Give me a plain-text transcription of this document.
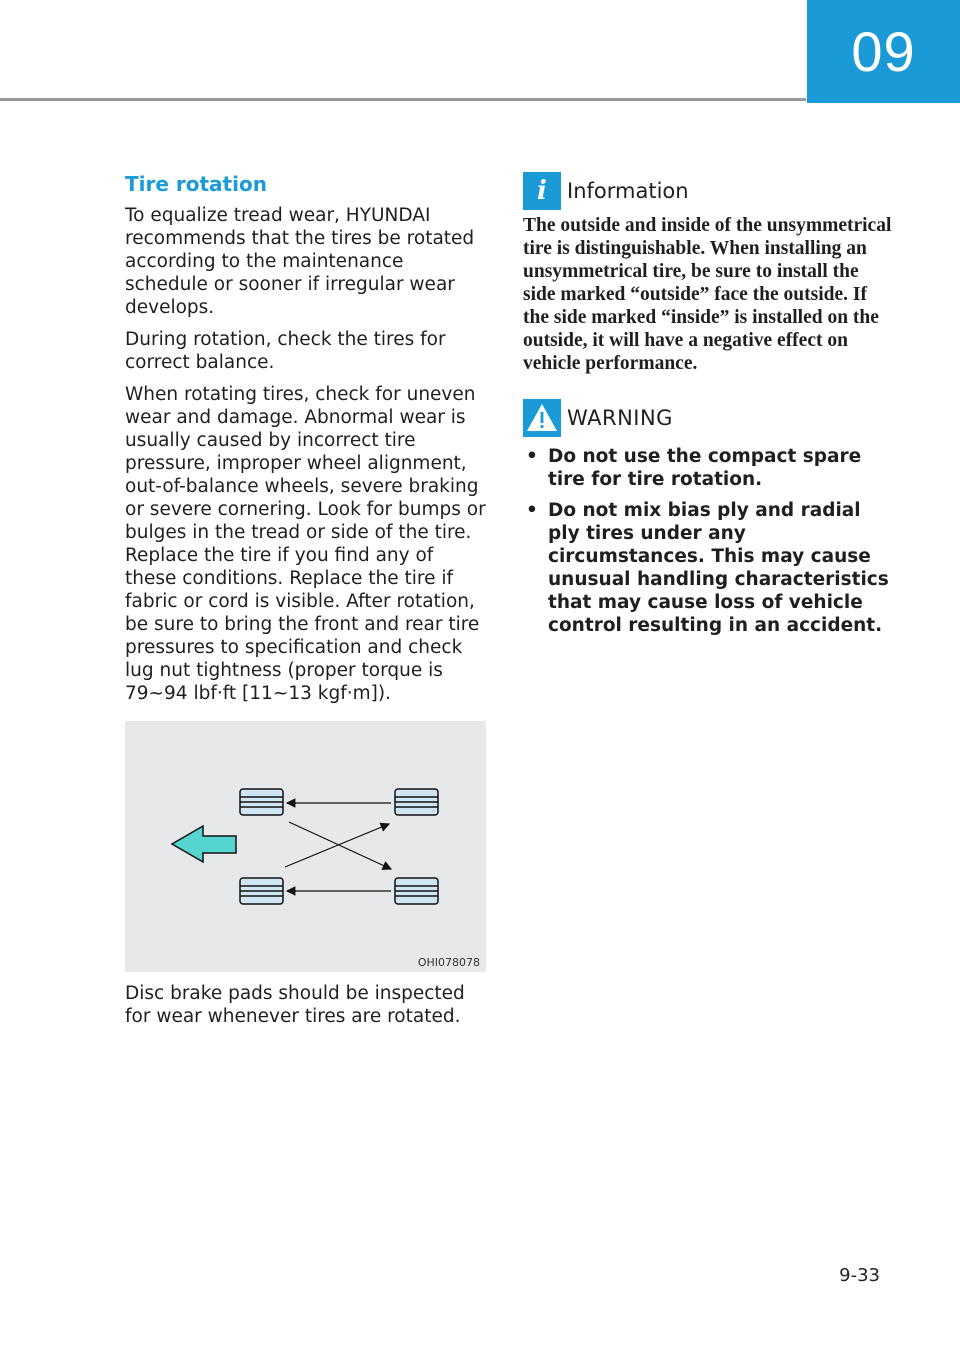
09
Tire rotation

To equalize tread wear, HYUNDAI recommends that the tires be rotated according to the maintenance schedule or sooner if irregular wear develops.

During rotation, check the tires for correct balance.

When rotating tires, check for uneven wear and damage. Abnormal wear is usually caused by incorrect tire pressure, improper wheel alignment, out-of-balance wheels, severe braking or severe cornering. Look for bumps or bulges in the tread or side of the tire. Replace the tire if you find any of these conditions. Replace the tire if fabric or cord is visible. After rotation, be sure to bring the front and rear tire pressures to specification and check lug nut tightness (proper torque is 79~94 lbf·ft [11~13 kgf·m]).

OHI078078

Disc brake pads should be inspected for wear whenever tires are rotated.

i Information

The outside and inside of the unsymmetrical tire is distinguishable. When installing an unsymmetrical tire, be sure to install the side marked “outside” face the outside. If the side marked “inside” is installed on the outside, it will have a negative effect on vehicle performance.

WARNING
• Do not use the compact spare tire for tire rotation.
• Do not mix bias ply and radial ply tires under any circumstances. This may cause unusual handling characteristics that may cause loss of vehicle control resulting in an accident.
9-33
